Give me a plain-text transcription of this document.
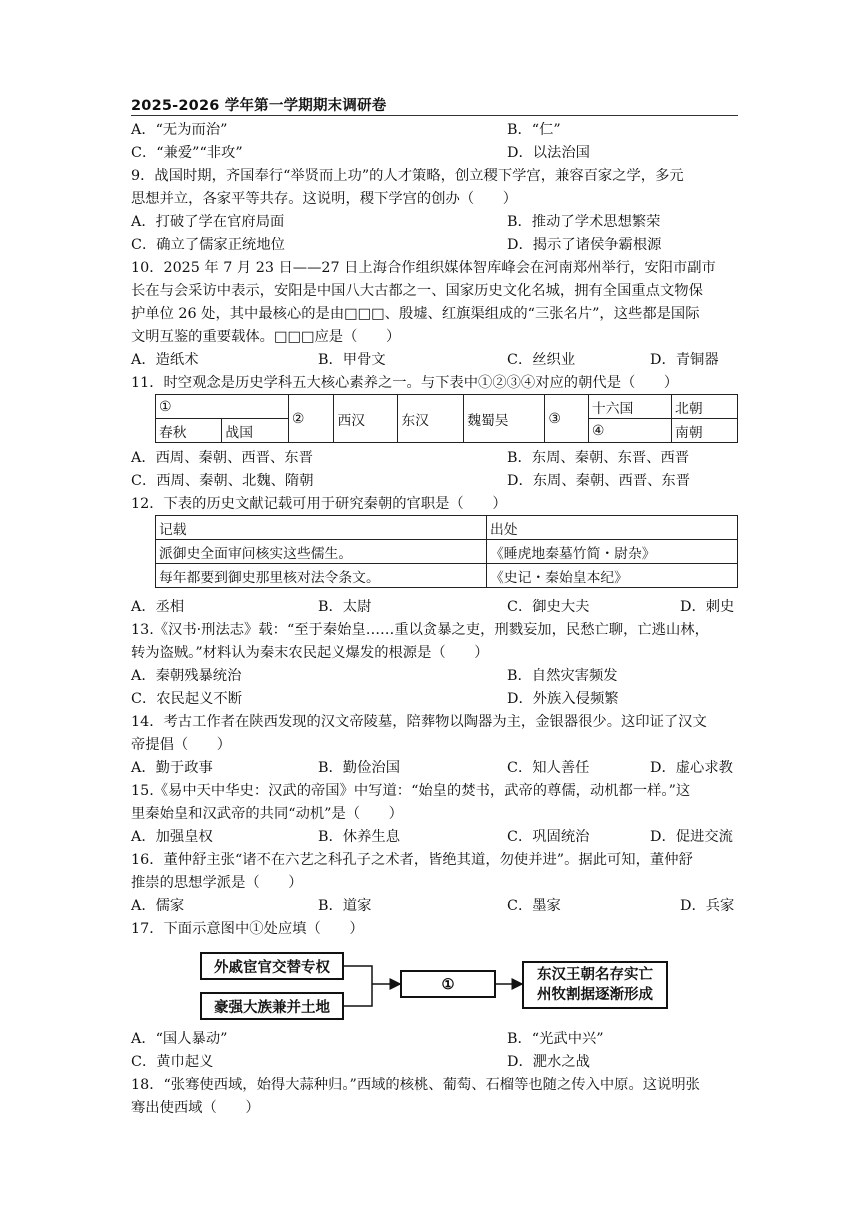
2025-2026 学年第一学期期末调研卷
A．“无为而治”	B．“仁”
C．“兼爱”“非攻”	D．以法治国
9．战国时期，齐国奉行“举贤而上功”的人才策略，创立稷下学宫，兼容百家之学，多元
思想并立，各家平等共存。这说明，稷下学宫的创办（　　）
A．打破了学在官府局面	B．推动了学术思想繁荣
C．确立了儒家正统地位	D．揭示了诸侯争霸根源
10．2025 年 7 月 23 日——27 日上海合作组织媒体智库峰会在河南郑州举行，安阳市副市
长在与会采访中表示，安阳是中国八大古都之一、国家历史文化名城，拥有全国重点文物保
护单位 26 处，其中最核心的是由□□□、殷墟、红旗渠组成的“三张名片”，这些都是国际
文明互鉴的重要载体。□□□应是（　　）
A．造纸术	B．甲骨文	C．丝织业	D．青铜器
11．时空观念是历史学科五大核心素养之一。与下表中①②③④对应的朝代是（　　）
①		②	西汉	东汉	魏蜀吴	③	十六国	北朝
春秋	战国						④	南朝
A．西周、秦朝、西晋、东晋	B．东周、秦朝、东晋、西晋
C．西周、秦朝、北魏、隋朝	D．东周、秦朝、西晋、东晋
12．下表的历史文献记载可用于研究秦朝的官职是（　　）
记载	出处
派御史全面审问核实这些儒生。	《睡虎地秦墓竹简・尉杂》
每年都要到御史那里核对法令条文。	《史记・秦始皇本纪》
A．丞相	B．太尉	C．御史大夫	D．刺史
13.《汉书·刑法志》载：“至于秦始皇……重以贪暴之吏，刑戮妄加，民愁亡聊，亡逃山林，
转为盗贼。”材料认为秦末农民起义爆发的根源是（　　）
A．秦朝残暴统治	B．自然灾害频发
C．农民起义不断	D．外族入侵频繁
14．考古工作者在陕西发现的汉文帝陵墓，陪葬物以陶器为主，金银器很少。这印证了汉文
帝提倡（　　）
A．勤于政事	B．勤俭治国	C．知人善任	D．虚心求教
15.《易中天中华史：汉武的帝国》中写道：“始皇的焚书，武帝的尊儒，动机都一样。”这
里秦始皇和汉武帝的共同“动机”是（　　）
A．加强皇权	B．休养生息	C．巩固统治	D．促进交流
16．董仲舒主张“诸不在六艺之科孔子之术者，皆绝其道，勿使并进”。据此可知，董仲舒
推崇的思想学派是（　　）
A．儒家	B．道家	C．墨家	D．兵家
17．下面示意图中①处应填（　　）
外戚宦官交替专权
豪强大族兼并土地
①
东汉王朝名存实亡
州牧割据逐渐形成
A．“国人暴动”	B．“光武中兴”
C．黄巾起义	D．淝水之战
18．“张骞使西域，始得大蒜种归。”西域的核桃、葡萄、石榴等也随之传入中原。这说明张
骞出使西域（　　）
